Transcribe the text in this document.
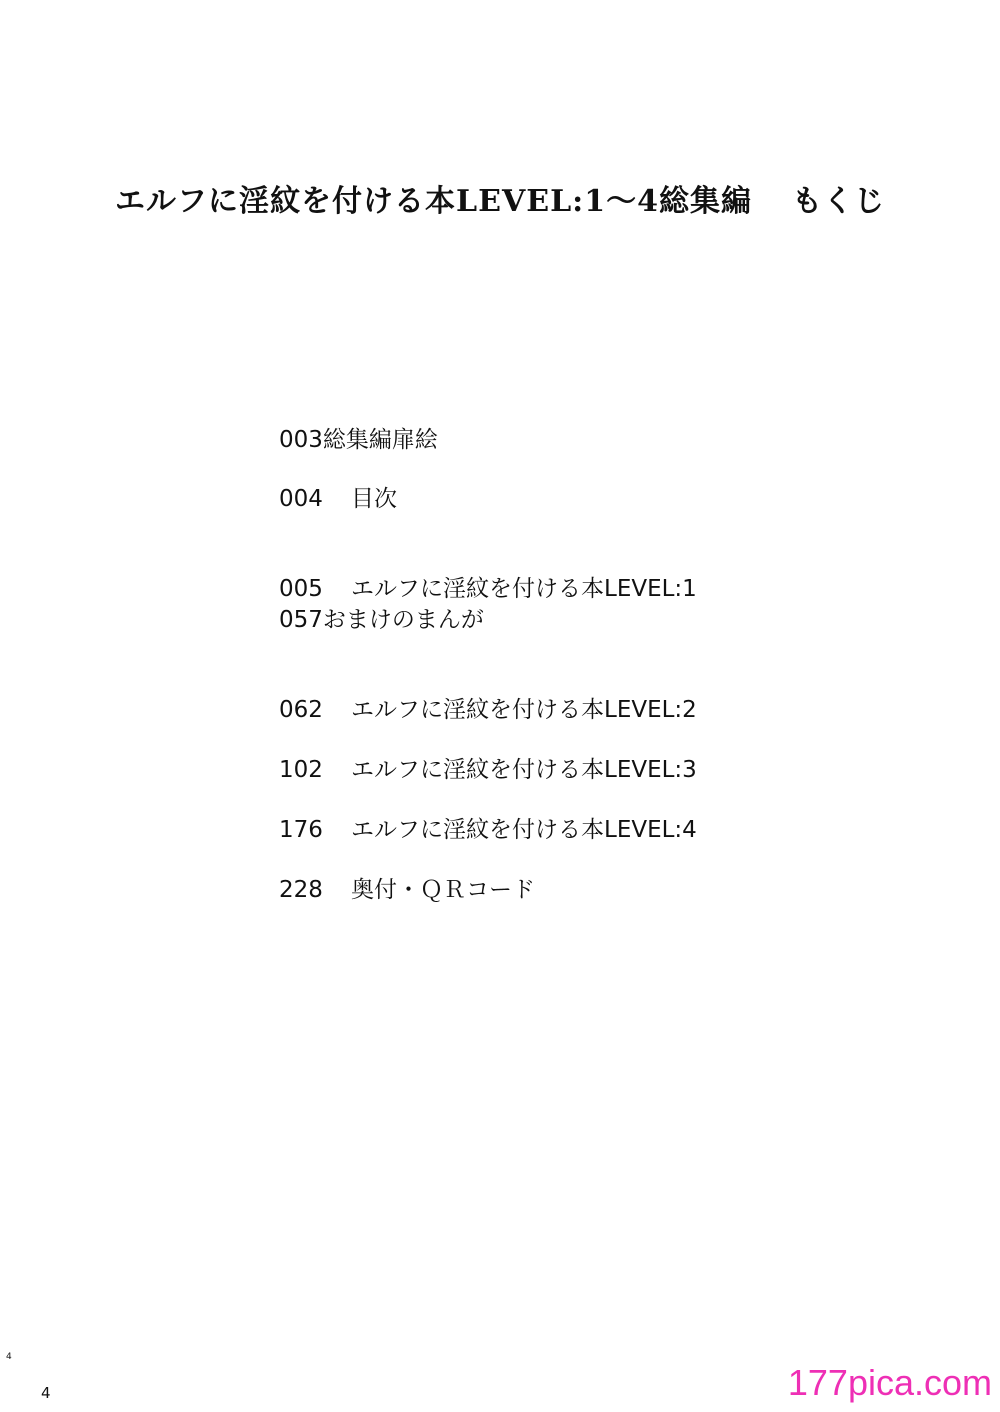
エルフに淫紋を付ける本LEVEL:1〜4総集編 もくじ
003総集編扉絵
004 目次
005 エルフに淫紋を付ける本LEVEL:1
057おまけのまんが
062 エルフに淫紋を付ける本LEVEL:2
102 エルフに淫紋を付ける本LEVEL:3
176 エルフに淫紋を付ける本LEVEL:4
228 奥付・ＱＲコード
4
4	177pica.com
